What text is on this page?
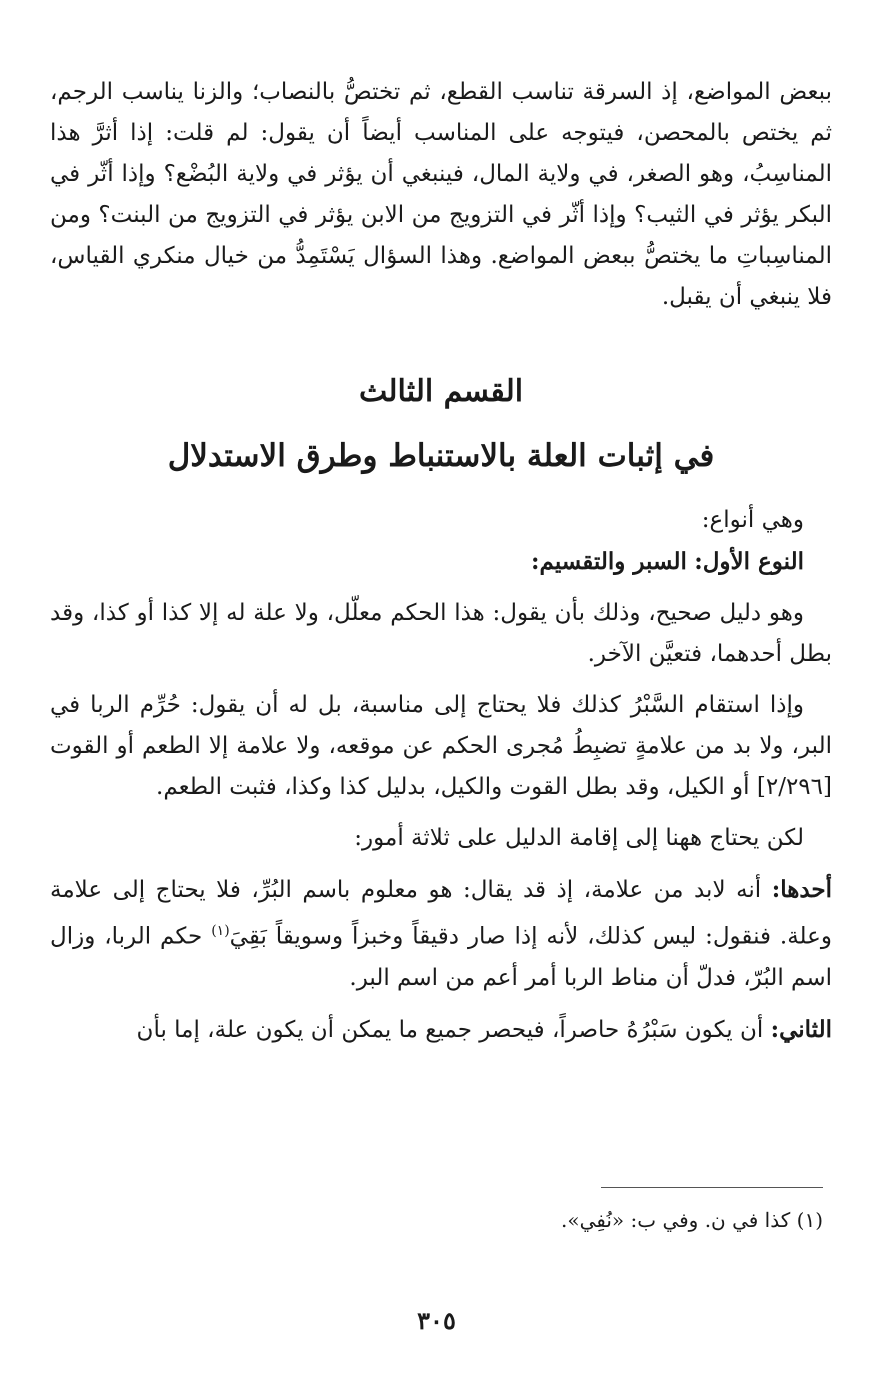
ببعض المواضع، إذ السرقة تناسب القطع، ثم تختصُّ بالنصاب؛ والزنا يناسب الرجم، ثم يختص بالمحصن، فيتوجه على المناسب أيضاً أن يقول: لم قلت: إذا أثرَّ هذا المناسِبُ، وهو الصغر، في ولاية المال، فينبغي أن يؤثر في ولاية البُضْع؟ وإذا أثّر في البكر يؤثر في الثيب؟ وإذا أثّر في التزويج من الابن يؤثر في التزويج من البنت؟ ومن المناسِباتِ ما يختصُّ ببعض المواضع. وهذا السؤال يَسْتَمِدُّ من خيال منكري القياس، فلا ينبغي أن يقبل.

القسم الثالث
في إثبات العلة بالاستنباط وطرق الاستدلال

وهي أنواع:

النوع الأول: السبر والتقسيم:

وهو دليل صحيح، وذلك بأن يقول: هذا الحكم معلّل، ولا علة له إلا كذا أو كذا، وقد بطل أحدهما، فتعيَّن الآخر.

وإذا استقام السَّبْرُ كذلك فلا يحتاج إلى مناسبة، بل له أن يقول: حُرِّم الربا في البر، ولا بد من علامةٍ تضبِطُ مُجرى الحكم عن موقعه، ولا علامة إلا الطعم أو القوت [٢/٢٩٦] أو الكيل، وقد بطل القوت والكيل، بدليل كذا وكذا، فثبت الطعم.

لكن يحتاج ههنا إلى إقامة الدليل على ثلاثة أمور:

أحدها: أنه لابد من علامة، إذ قد يقال: هو معلوم باسم البُرِّ، فلا يحتاج إلى علامة وعلة. فنقول: ليس كذلك، لأنه إذا صار دقيقاً وخبزاً وسويقاً بَقِيَ$^{(١)}$ حكم الربا، وزال اسم البُرّ، فدلّ أن مناط الربا أمر أعم من اسم البر.

الثاني: أن يكون سَبْرُهُ حاصراً، فيحصر جميع ما يمكن أن يكون علة، إما بأن

(١) كذا في ن. وفي ب: «نُفِي».
٣٠٥
